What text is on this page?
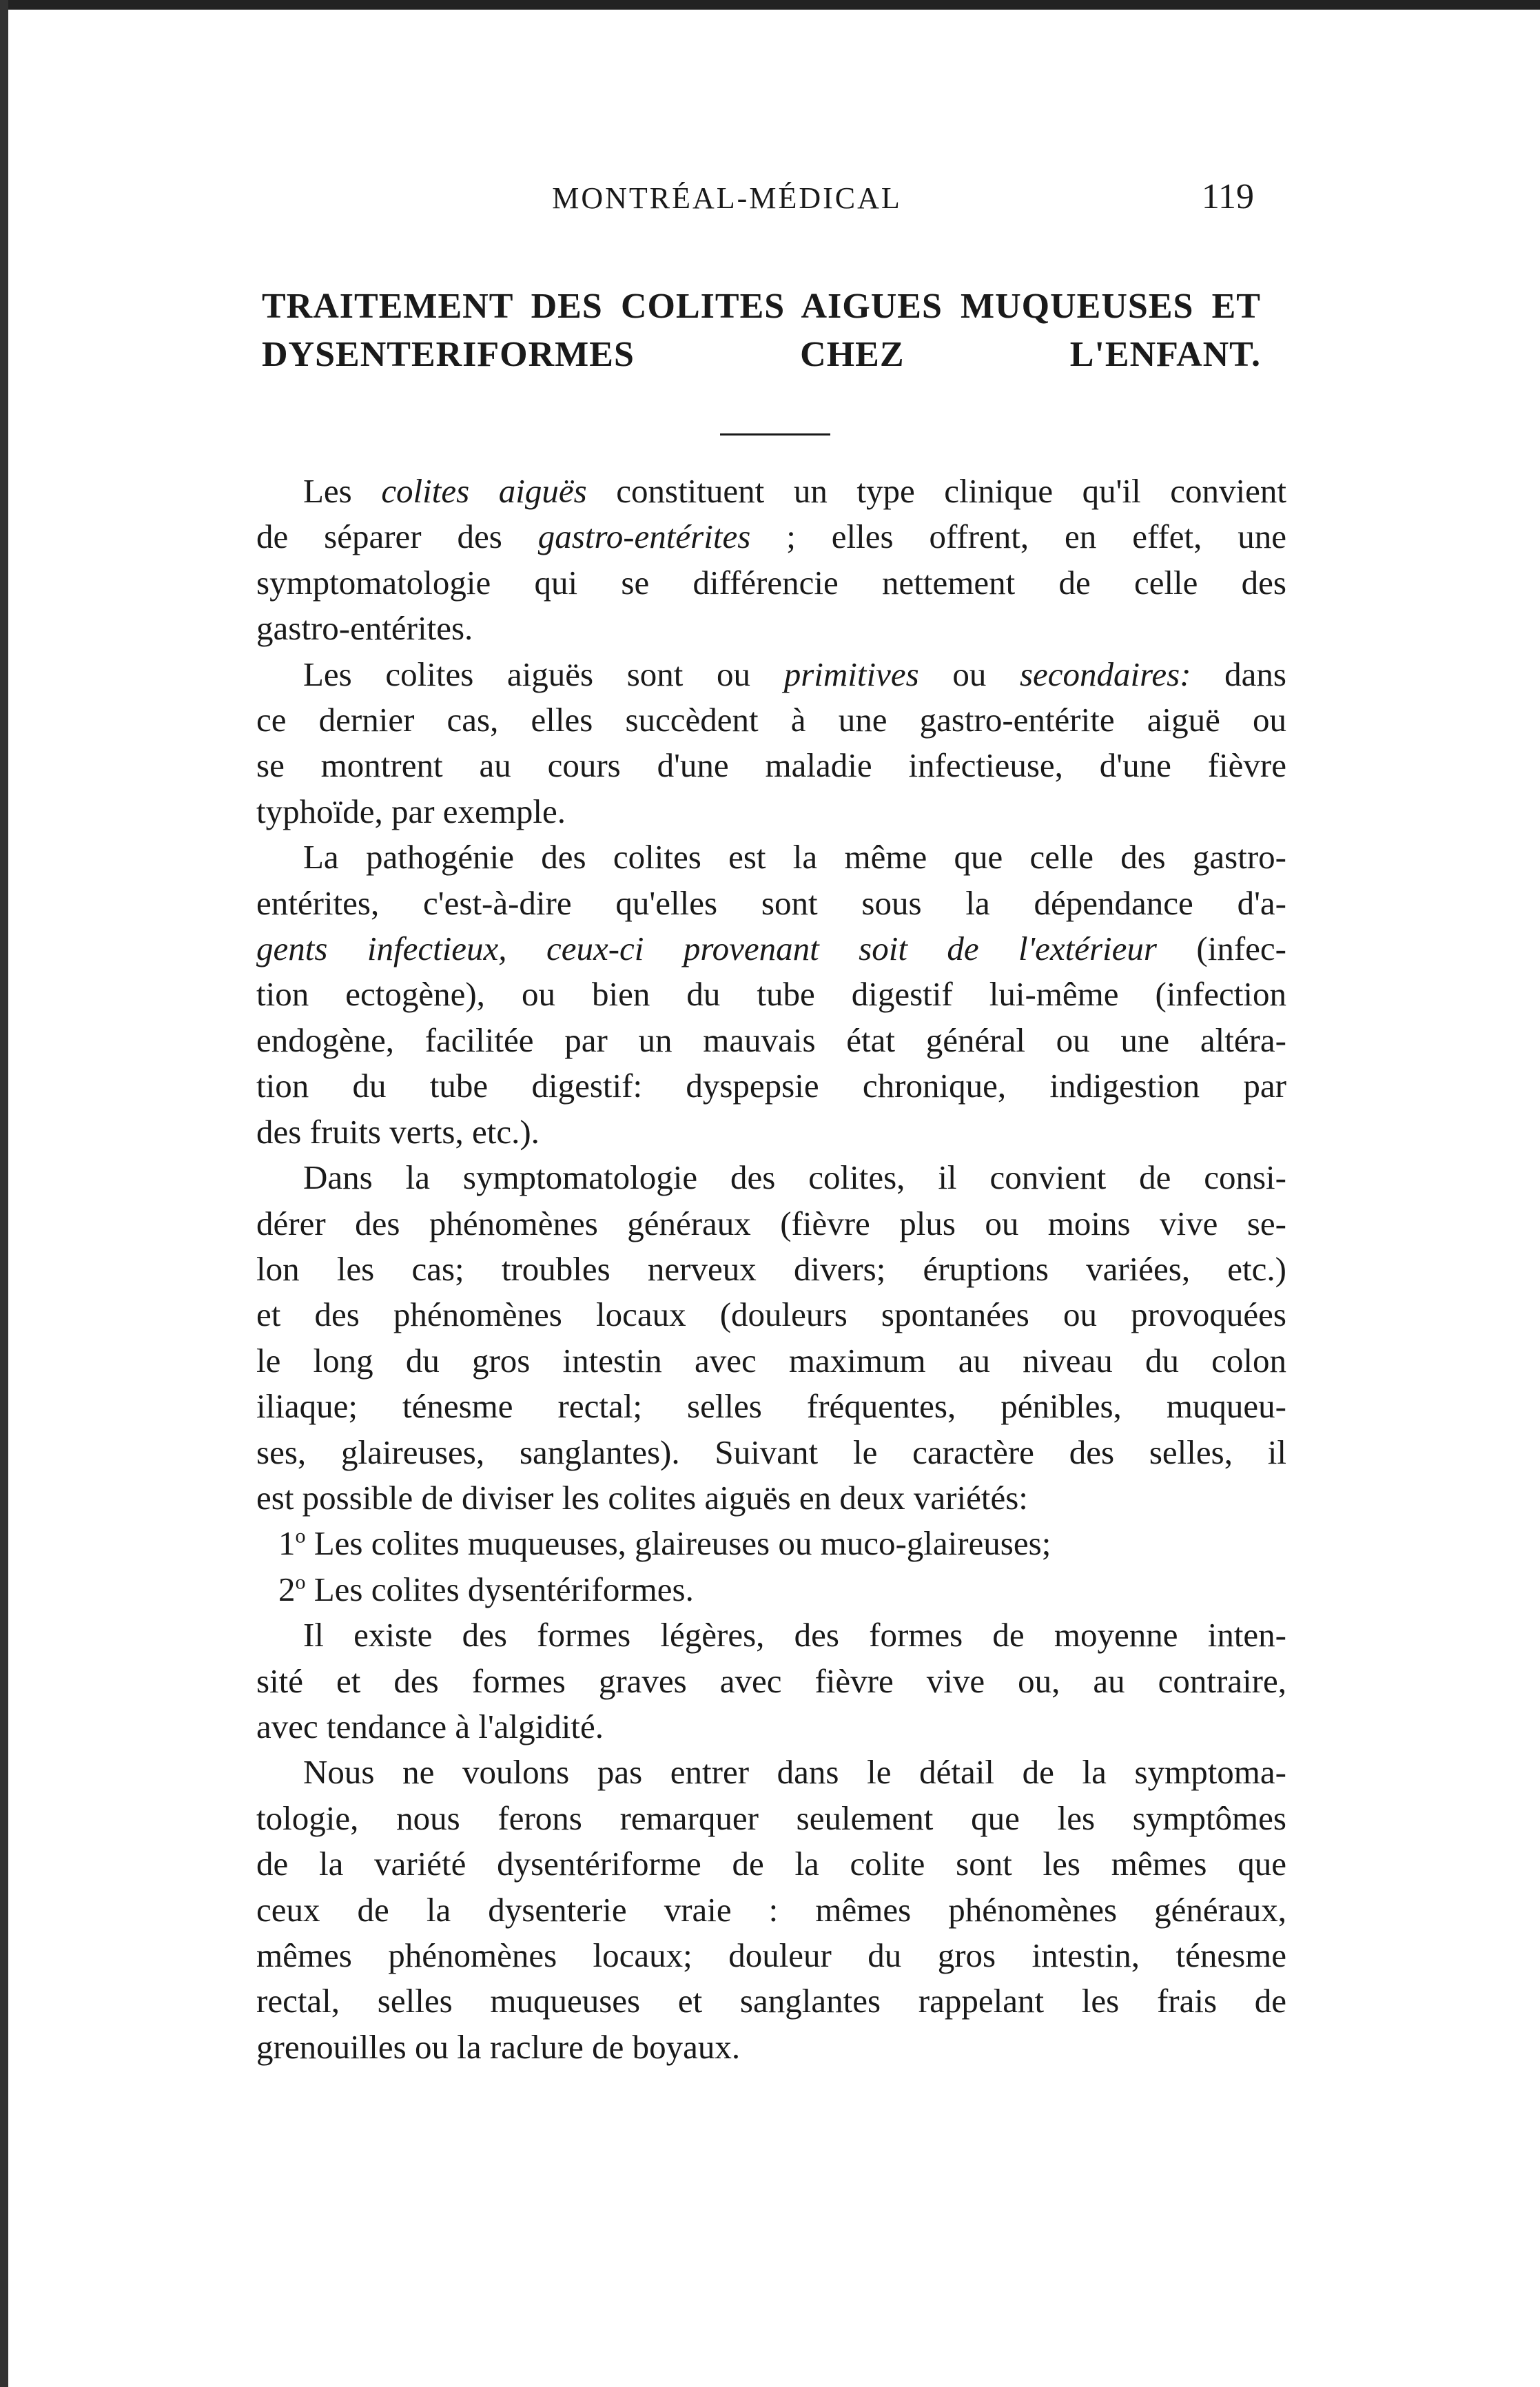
MONTRÉAL-MÉDICAL	119
TRAITEMENT DES COLITES AIGUES MUQUEUSES ET
DYSENTERIFORMES CHEZ L'ENFANT.
Les colites aiguës constituent un type clinique qu'il convient
de séparer des gastro-entérites ; elles offrent, en effet, une
symptomatologie qui se différencie nettement de celle des
gastro-entérites.
Les colites aiguës sont ou primitives ou secondaires: dans
ce dernier cas, elles succèdent à une gastro-entérite aiguë ou
se montrent au cours d'une maladie infectieuse, d'une fièvre
typhoïde, par exemple.
La pathogénie des colites est la même que celle des gastro-
entérites, c'est-à-dire qu'elles sont sous la dépendance d'a-
gents infectieux, ceux-ci provenant soit de l'extérieur (infec-
tion ectogène), ou bien du tube digestif lui-même (infection
endogène, facilitée par un mauvais état général ou une altéra-
tion du tube digestif: dyspepsie chronique, indigestion par
des fruits verts, etc.).
Dans la symptomatologie des colites, il convient de consi-
dérer des phénomènes généraux (fièvre plus ou moins vive se-
lon les cas; troubles nerveux divers; éruptions variées, etc.)
et des phénomènes locaux (douleurs spontanées ou provoquées
le long du gros intestin avec maximum au niveau du colon
iliaque; ténesme rectal; selles fréquentes, pénibles, muqueu-
ses, glaireuses, sanglantes). Suivant le caractère des selles, il
est possible de diviser les colites aiguës en deux variétés:
1$^o$ Les colites muqueuses, glaireuses ou muco-glaireuses;
2$^o$ Les colites dysentériformes.
Il existe des formes légères, des formes de moyenne inten-
sité et des formes graves avec fièvre vive ou, au contraire,
avec tendance à l'algidité.
Nous ne voulons pas entrer dans le détail de la symptoma-
tologie, nous ferons remarquer seulement que les symptômes
de la variété dysentériforme de la colite sont les mêmes que
ceux de la dysenterie vraie : mêmes phénomènes généraux,
mêmes phénomènes locaux; douleur du gros intestin, ténesme
rectal, selles muqueuses et sanglantes rappelant les frais de
grenouilles ou la raclure de boyaux.
